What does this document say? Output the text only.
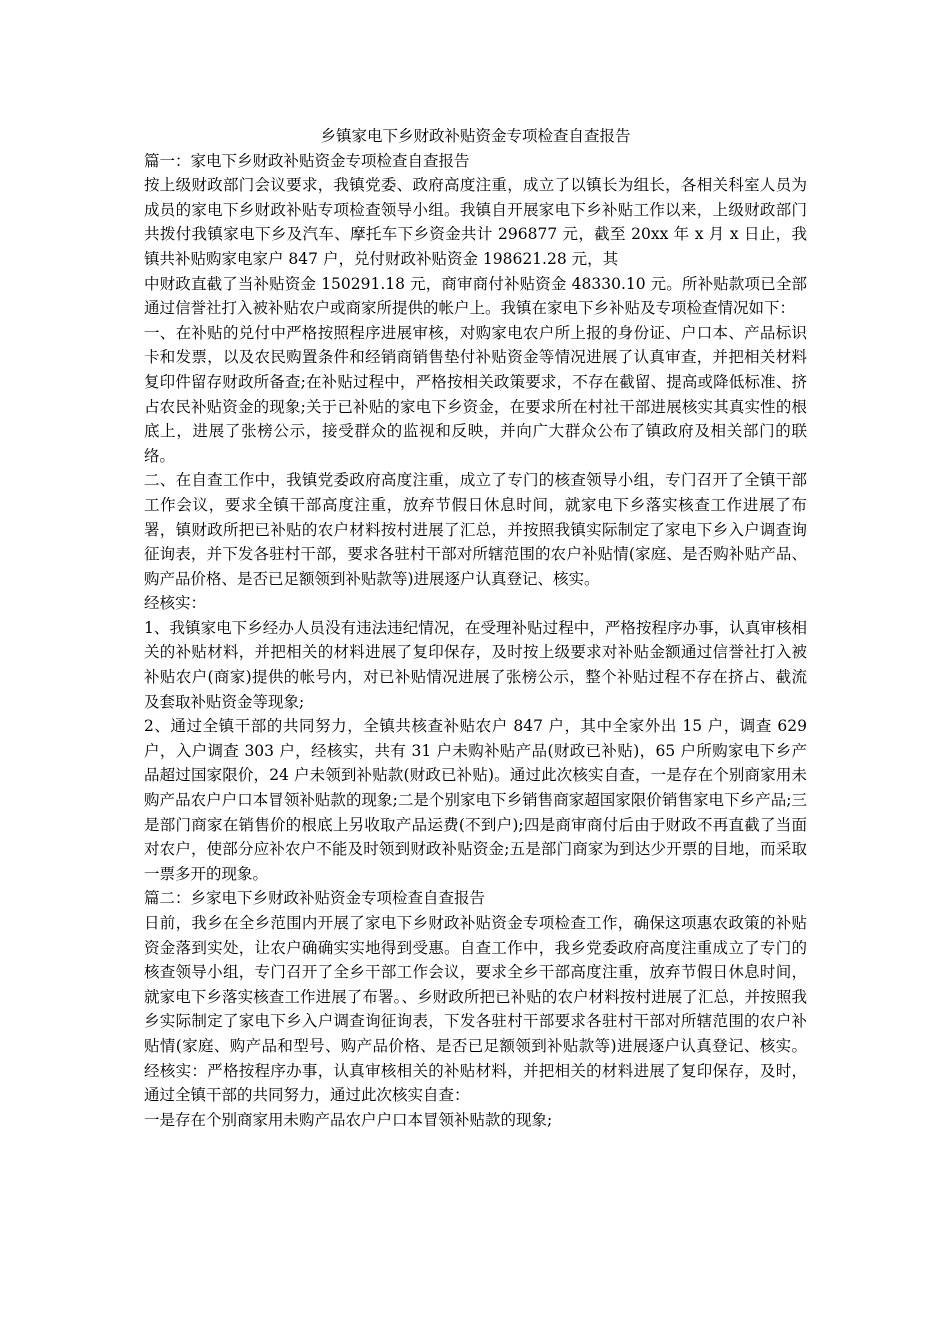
乡镇家电下乡财政补贴资金专项检查自查报告

篇一：家电下乡财政补贴资金专项检查自查报告

按上级财政部门会议要求，我镇党委、政府高度注重，成立了以镇长为组长，各相关科室人员为成员的家电下乡财政补贴专项检查领导小组。我镇自开展家电下乡补贴工作以来，上级财政部门共拨付我镇家电下乡及汽车、摩托车下乡资金共计 296877 元，截至 20xx 年 x 月 x 日止，我镇共补贴购家电家户 847 户，兑付财政补贴资金 198621.28 元，其

中财政直截了当补贴资金 150291.18 元，商审商付补贴资金 48330.10 元。所补贴款项已全部通过信誉社打入被补贴农户或商家所提供的帐户上。我镇在家电下乡补贴及专项检查情况如下：

一、在补贴的兑付中严格按照程序进展审核，对购家电农户所上报的身份证、户口本、产品标识卡和发票，以及农民购置条件和经销商销售垫付补贴资金等情况进展了认真审查，并把相关材料复印件留存财政所备查;在补贴过程中，严格按相关政策要求，不存在截留、提高或降低标准、挤占农民补贴资金的现象;关于已补贴的家电下乡资金，在要求所在村社干部进展核实其真实性的根底上，进展了张榜公示，接受群众的监视和反映，并向广大群众公布了镇政府及相关部门的联络。

二、在自查工作中，我镇党委政府高度注重，成立了专门的核查领导小组，专门召开了全镇干部工作会议，要求全镇干部高度注重，放弃节假日休息时间，就家电下乡落实核查工作进展了布署，镇财政所把已补贴的农户材料按村进展了汇总，并按照我镇实际制定了家电下乡入户调查询征询表，并下发各驻村干部，要求各驻村干部对所辖范围的农户补贴情(家庭、是否购补贴产品、购产品价格、是否已足额领到补贴款等)进展逐户认真登记、核实。

经核实：

1、我镇家电下乡经办人员没有违法违纪情况，在受理补贴过程中，严格按程序办事，认真审核相关的补贴材料，并把相关的材料进展了复印保存，及时按上级要求对补贴金额通过信誉社打入被补贴农户(商家)提供的帐号内，对已补贴情况进展了张榜公示，整个补贴过程不存在挤占、截流及套取补贴资金等现象;

2、通过全镇干部的共同努力，全镇共核查补贴农户 847 户，其中全家外出 15 户，调查 629 户，入户调查 303 户，经核实，共有 31 户未购补贴产品(财政已补贴)，65 户所购家电下乡产品超过国家限价，24 户未领到补贴款(财政已补贴)。通过此次核实自查，一是存在个别商家用未购产品农户户口本冒领补贴款的现象;二是个别家电下乡销售商家超国家限价销售家电下乡产品;三是部门商家在销售价的根底上另收取产品运费(不到户);四是商审商付后由于财政不再直截了当面对农户，使部分应补农户不能及时领到财政补贴资金;五是部门商家为到达少开票的目地，而采取一票多开的现象。

篇二：乡家电下乡财政补贴资金专项检查自查报告

日前，我乡在全乡范围内开展了家电下乡财政补贴资金专项检查工作，确保这项惠农政策的补贴资金落到实处，让农户确确实实地得到受惠。自查工作中，我乡党委政府高度注重成立了专门的核查领导小组，专门召开了全乡干部工作会议，要求全乡干部高度注重，放弃节假日休息时间，就家电下乡落实核查工作进展了布署。、乡财政所把已补贴的农户材料按村进展了汇总，并按照我乡实际制定了家电下乡入户调查询征询表，下发各驻村干部要求各驻村干部对所辖范围的农户补贴情(家庭、购产品和型号、购产品价格、是否已足额领到补贴款等)进展逐户认真登记、核实。经核实：严格按程序办事，认真审核相关的补贴材料，并把相关的材料进展了复印保存，及时，通过全镇干部的共同努力，通过此次核实自查：

一是存在个别商家用未购产品农户户口本冒领补贴款的现象;
